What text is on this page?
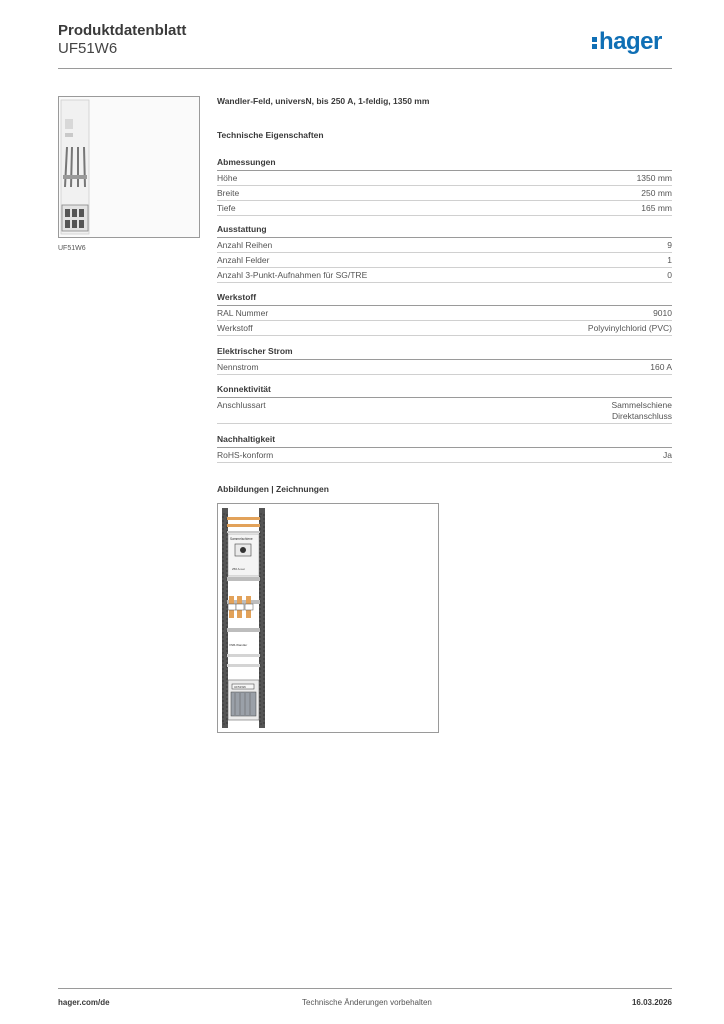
Produktdatenblatt
UF51W6	hager
UF51W6
Wandler-Feld, universN, bis 250 A, 1-feldig, 1350 mm
Technische Eigenschaften
Abmessungen
Höhe	1350 mm
Breite	250 mm
Tiefe	165 mm
Ausstattung
Anzahl Reihen	9
Anzahl Felder	1
Anzahl 3-Punkt-Aufnahmen für SG/TRE	0
Werkstoff
RAL Nummer	9010
Werkstoff	Polyvinylchlorid (PVC)
Elektrischer Strom
Nennstrom	160 A
Konnektivität
Anschlussart	Sammelschiene
Direktanschluss
Nachhaltigkeit
RoHS-konform	Ja
Abbildungen | Zeichnungen
Sammelschiene
250 A-Lei
VNB-Wandler
UF51W6
hager.com/de	Technische Änderungen vorbehalten	16.03.2026
